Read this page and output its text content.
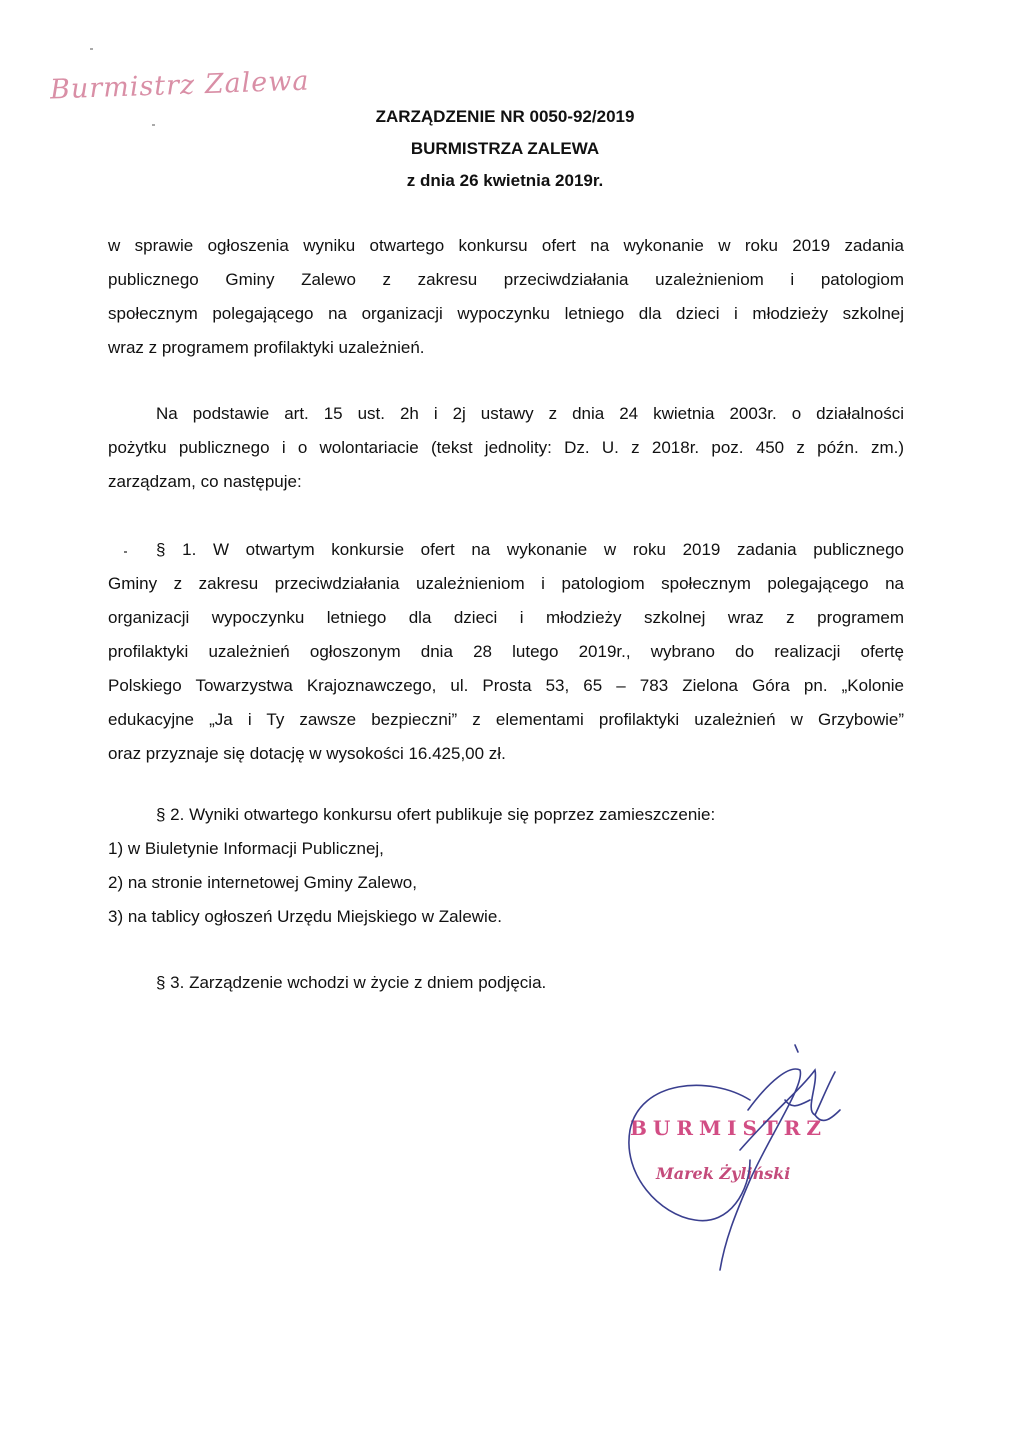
Burmistrz Zalewa
ZARZĄDZENIE NR 0050-92/2019
BURMISTRZA ZALEWA
z dnia 26 kwietnia 2019r.
w sprawie ogłoszenia wyniku otwartego konkursu ofert na wykonanie w roku 2019 zadania
publicznego Gminy Zalewo z zakresu przeciwdziałania uzależnieniom i patologiom
społecznym polegającego na organizacji wypoczynku letniego dla dzieci i młodzieży szkolnej
wraz z programem profilaktyki uzależnień.
Na podstawie art. 15 ust. 2h i 2j ustawy z dnia 24 kwietnia 2003r. o działalności
pożytku publicznego i o wolontariacie (tekst jednolity: Dz. U. z 2018r. poz. 450 z późn. zm.)
zarządzam, co następuje:
§ 1. W otwartym konkursie ofert na wykonanie w roku 2019 zadania publicznego
Gminy z zakresu przeciwdziałania uzależnieniom i patologiom społecznym polegającego na
organizacji wypoczynku letniego dla dzieci i młodzieży szkolnej wraz z programem
profilaktyki uzależnień ogłoszonym dnia 28 lutego 2019r., wybrano do realizacji ofertę
Polskiego Towarzystwa Krajoznawczego, ul. Prosta 53, 65 – 783 Zielona Góra pn. „Kolonie
edukacyjne „Ja i Ty zawsze bezpieczni” z elementami profilaktyki uzależnień w Grzybowie”
oraz przyznaje się dotację w wysokości 16.425,00 zł.
§ 2. Wyniki otwartego konkursu ofert publikuje się poprzez zamieszczenie:
1) w Biuletynie Informacji Publicznej,
2) na stronie internetowej Gminy Zalewo,
3) na tablicy ogłoszeń Urzędu Miejskiego w Zalewie.
§ 3. Zarządzenie wchodzi w życie z dniem podjęcia.
BURMISTRZ
Marek Żyliński
